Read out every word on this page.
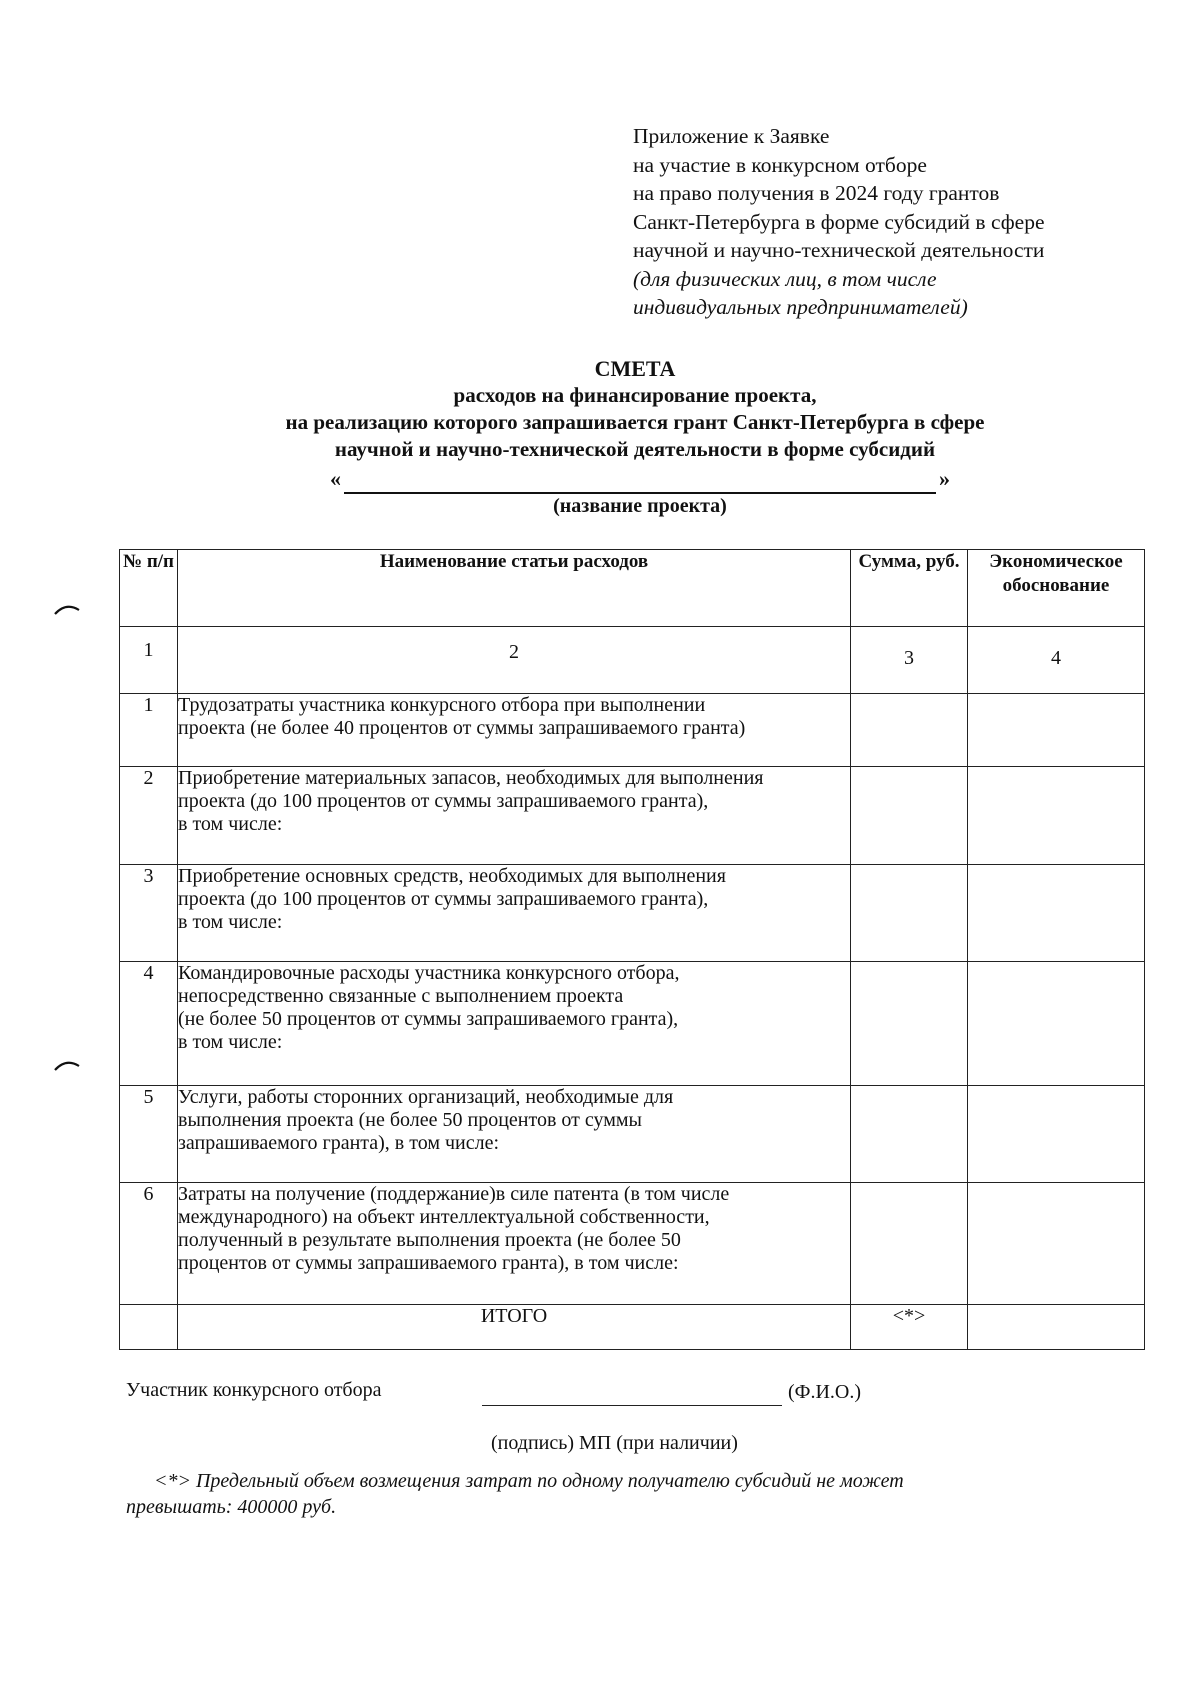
Приложение к Заявке
на участие в конкурсном отборе
на право получения в 2024 году грантов
Санкт-Петербурга в форме субсидий в сфере
научной и научно-технической деятельности
(для физических лиц, в том числе
индивидуальных предпринимателей)
СМЕТА
расходов на финансирование проекта,
на реализацию которого запрашивается грант Санкт-Петербурга в сфере
научной и научно-технической деятельности в форме субсидий
«	»
(название проекта)
№ п/п	Наименование статьи расходов	Сумма, руб.	Экономическое обоснование
1	2	3	4
1	Трудозатраты участника конкурсного отбора при выполнении
проекта (не более 40 процентов от суммы запрашиваемого гранта)		

2	Приобретение материальных запасов, необходимых для выполнения
проекта (до 100 процентов от суммы запрашиваемого гранта),
в том числе:		

3	Приобретение основных средств, необходимых для выполнения
проекта (до 100 процентов от суммы запрашиваемого гранта),
в том числе:		

4	Командировочные расходы участника конкурсного отбора,
непосредственно связанные с выполнением проекта
(не более 50 процентов от суммы запрашиваемого гранта),
в том числе:		

5	Услуги, работы сторонних организаций, необходимые для
выполнения проекта (не более 50 процентов от суммы
запрашиваемого гранта), в том числе:		

6	Затраты на получение (поддержание)в силе патента (в том числе
международного) на объект интеллектуальной собственности,
полученный в результате выполнения проекта (не более 50
процентов от суммы запрашиваемого гранта), в том числе:		

	ИТОГО	<*>	
Участник конкурсного отбора	(Ф.И.О.)
(подпись) МП (при наличии)
<*> Предельный объем возмещения затрат по одному получателю субсидий не может
превышать: 400000 руб.
